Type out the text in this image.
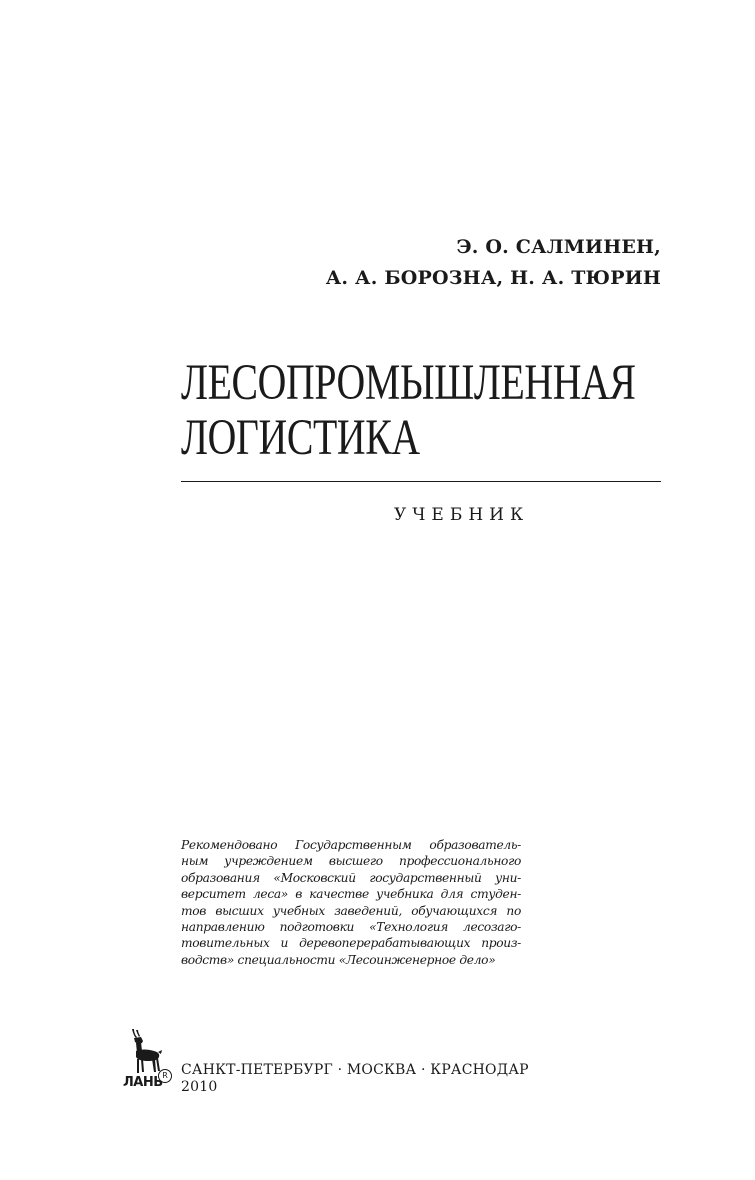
Э. О. САЛМИНЕН,
А. А. БОРОЗНА, Н. А. ТЮРИН
ЛЕСОПРОМЫШЛЕННАЯ
ЛОГИСТИКА
УЧЕБНИК
Рекомендовано Государственным образователь-
ным учреждением высшего профессионального
образования «Московский государственный уни-
верситет леса» в качестве учебника для студен-
тов высших учебных заведений, обучающихся по
направлению подготовки «Технология лесозаго-
товительных и деревоперерабатывающих произ-
водств» специальности «Лесоинженерное дело»
ЛАНЬ R САНКТ-ПЕТЕРБУРГ · МОСКВА · КРАСНОДАР
2010
